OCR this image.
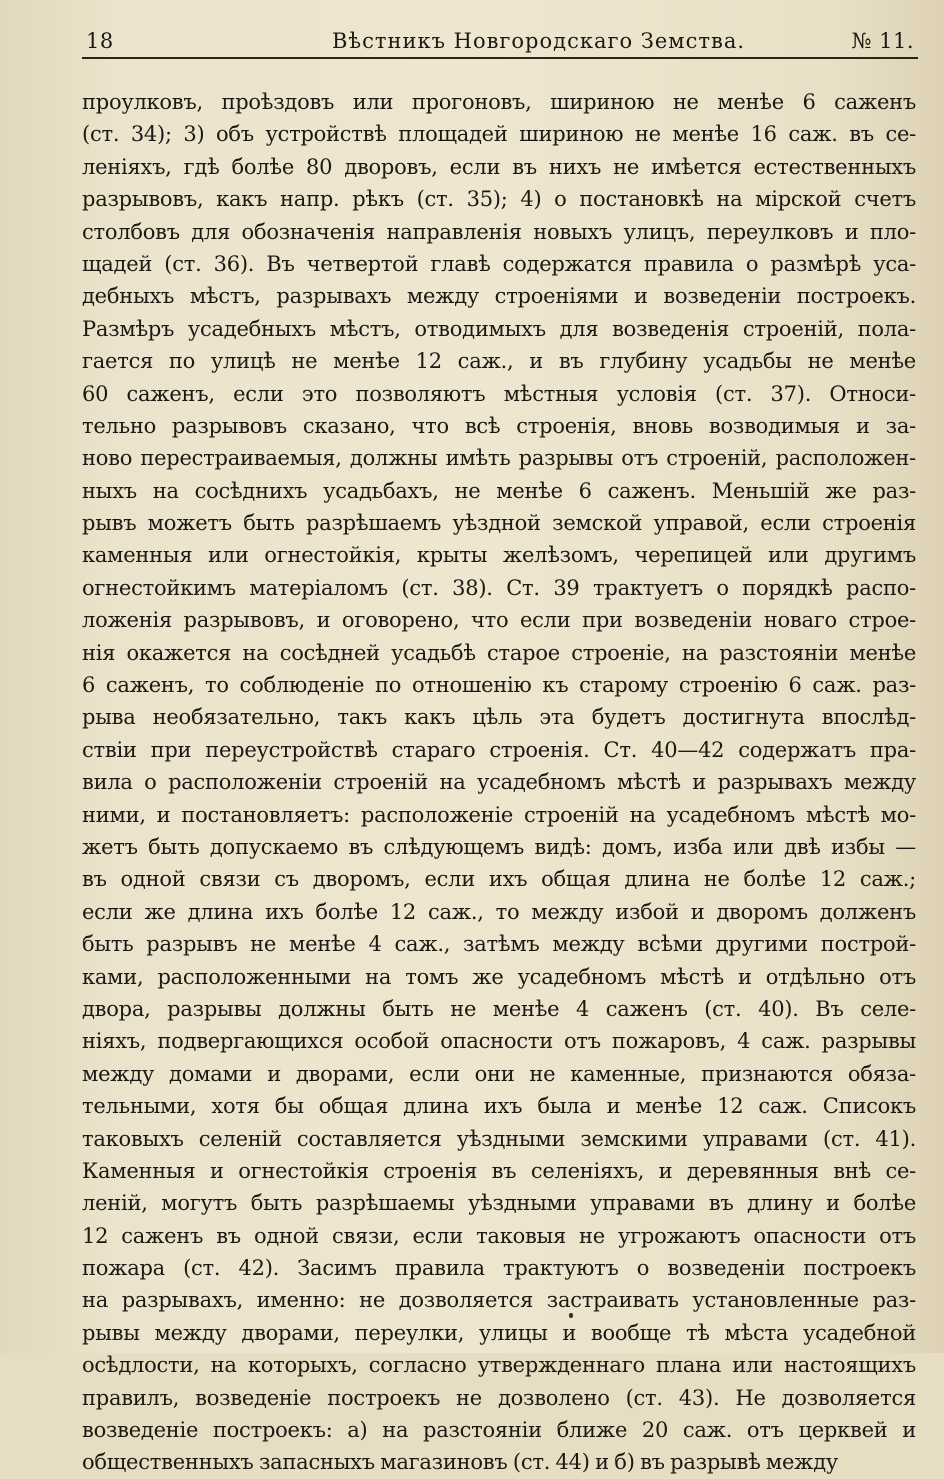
18	Вѣстникъ Новгородскаго Земства.	№ 11.
проулковъ, проѣздовъ или прогоновъ, шириною не менѣе 6 саженъ
(ст. 34); 3) объ устройствѣ площадей шириною не менѣе 16 саж. въ се-
леніяхъ, гдѣ болѣе 80 дворовъ, если въ нихъ не имѣется естественныхъ
разрывовъ, какъ напр. рѣкъ (ст. 35); 4) о постановкѣ на мірской счетъ
столбовъ для обозначенія направленія новыхъ улицъ, переулковъ и пло-
щадей (ст. 36). Въ четвертой главѣ содержатся правила о размѣрѣ уса-
дебныхъ мѣстъ, разрывахъ между строеніями и возведеніи построекъ.
Размѣръ усадебныхъ мѣстъ, отводимыхъ для возведенія строеній, пола-
гается по улицѣ не менѣе 12 саж., и въ глубину усадьбы не менѣе
60 саженъ, если это позволяютъ мѣстныя условія (ст. 37). Относи-
тельно разрывовъ сказано, что всѣ строенія, вновь возводимыя и за-
ново перестраиваемыя, должны имѣть разрывы отъ строеній, расположен-
ныхъ на сосѣднихъ усадьбахъ, не менѣе 6 саженъ. Меньшій же раз-
рывъ можетъ быть разрѣшаемъ уѣздной земской управой, если строенія
каменныя или огнестойкія, крыты желѣзомъ, черепицей или другимъ
огнестойкимъ матеріаломъ (ст. 38). Ст. 39 трактуетъ о порядкѣ распо-
ложенія разрывовъ, и оговорено, что если при возведеніи новаго строе-
нія окажется на сосѣдней усадьбѣ старое строеніе, на разстояніи менѣе
6 саженъ, то соблюденіе по отношенію къ старому строенію 6 саж. раз-
рыва необязательно, такъ какъ цѣль эта будетъ достигнута впослѣд-
ствіи при переустройствѣ стараго строенія. Ст. 40—42 содержатъ пра-
вила о расположеніи строеній на усадебномъ мѣстѣ и разрывахъ между
ними, и постановляетъ: расположеніе строеній на усадебномъ мѣстѣ мо-
жетъ быть допускаемо въ слѣдующемъ видѣ: домъ, изба или двѣ избы —
въ одной связи съ дворомъ, если ихъ общая длина не болѣе 12 саж.;
если же длина ихъ болѣе 12 саж., то между избой и дворомъ долженъ
быть разрывъ не менѣе 4 саж., затѣмъ между всѣми другими построй-
ками, расположенными на томъ же усадебномъ мѣстѣ и отдѣльно отъ
двора, разрывы должны быть не менѣе 4 саженъ (ст. 40). Въ селе-
ніяхъ, подвергающихся особой опасности отъ пожаровъ, 4 саж. разрывы
между домами и дворами, если они не каменные, признаются обяза-
тельными, хотя бы общая длина ихъ была и менѣе 12 саж. Списокъ
таковыхъ селеній составляется уѣздными земскими управами (ст. 41).
Каменныя и огнестойкія строенія въ селеніяхъ, и деревянныя внѣ се-
леній, могутъ быть разрѣшаемы уѣздными управами въ длину и болѣе
12 саженъ въ одной связи, если таковыя не угрожаютъ опасности отъ
пожара (ст. 42). Засимъ правила трактуютъ о возведеніи построекъ
на разрывахъ, именно: не дозволяется застраивать установленные раз-
рывы между дворами, переулки, улицы и вообще тѣ мѣста усадебной
осѣдлости, на которыхъ, согласно утвержденнаго плана или настоящихъ
правилъ, возведеніе построекъ не дозволено (ст. 43). Не дозволяется
возведеніе построекъ: а) на разстояніи ближе 20 саж. отъ церквей и
общественныхъ запасныхъ магазиновъ (ст. 44) и б) въ разрывѣ между
